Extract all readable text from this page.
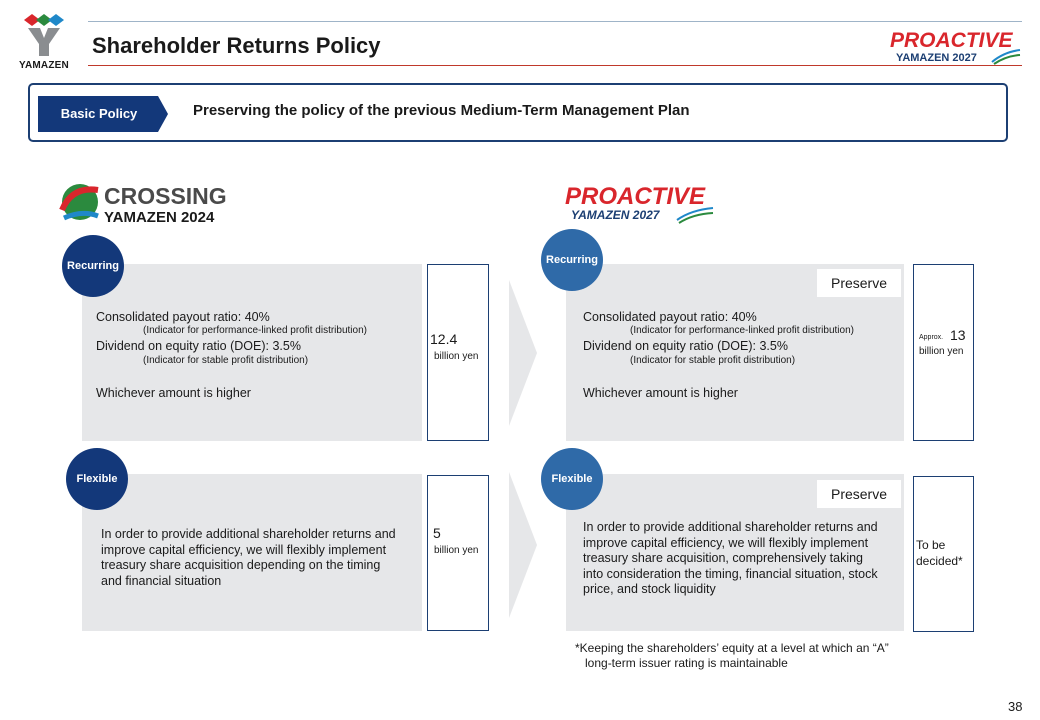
YAMAZEN
Shareholder Returns Policy	PROACTIVE
YAMAZEN 2027
Basic Policy	Preserving the policy of the previous Medium-Term Management Plan
CROSSING
YAMAZEN 2024
PROACTIVE
YAMAZEN 2027
Recurring
Consolidated payout ratio: 40%
(Indicator for performance-linked profit distribution)
Dividend on equity ratio (DOE): 3.5%
(Indicator for stable profit distribution)
Whichever amount is higher
12.4
billion yen
Flexible
In order to provide additional shareholder returns and improve capital efficiency, we will flexibly implement treasury share acquisition depending on the timing and financial situation
5
billion yen
Recurring
Preserve
Consolidated payout ratio: 40%
(Indicator for performance-linked profit distribution)
Dividend on equity ratio (DOE): 3.5%
(Indicator for stable profit distribution)
Whichever amount is higher
Approx. 13
billion yen
Flexible
Preserve
In order to provide additional shareholder returns and improve capital efficiency, we will flexibly implement treasury share acquisition, comprehensively taking into consideration the timing, financial situation, stock price, and stock liquidity
To be
decided*
*Keeping the shareholders’ equity at a level at which an “A”
long-term issuer rating is maintainable
38
